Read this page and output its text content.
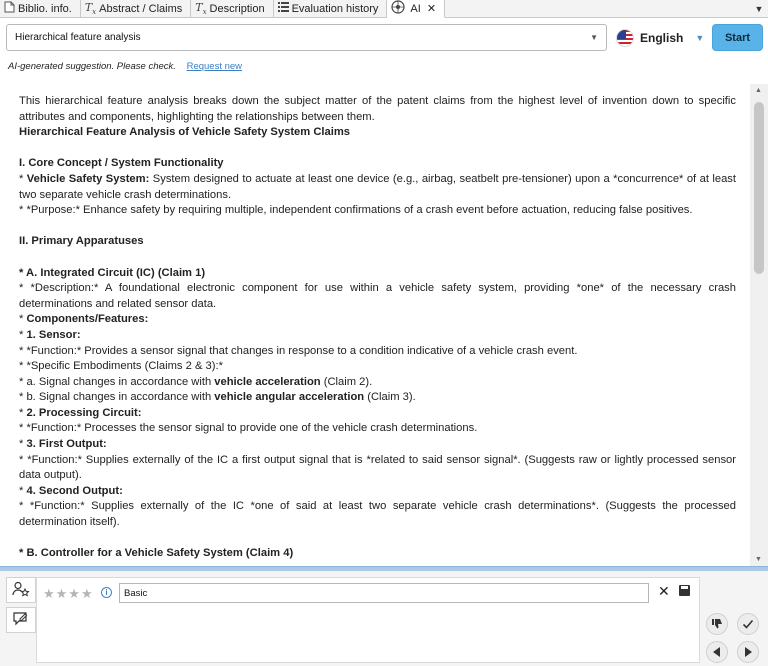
Biblio. info. $T_x$ Abstract / Claims $T_x$ Description Evaluation history	AI ✕	▼
Hierarchical feature analysis	▼	English ▼	Start
AI-generated suggestion. Please check. Request new

This hierarchical feature analysis breaks down the subject matter of the patent claims from the highest level of invention down to specific attributes and components, highlighting the relationships between them.

Hierarchical Feature Analysis of Vehicle Safety System Claims

I. Core Concept / System Functionality

* Vehicle Safety System: System designed to actuate at least one device (e.g., airbag, seatbelt pre-tensioner) upon a *concurrence* of at least two separate vehicle crash determinations.

* *Purpose:* Enhance safety by requiring multiple, independent confirmations of a crash event before actuation, reducing false positives.

II. Primary Apparatuses

* A. Integrated Circuit (IC) (Claim 1)

* *Description:* A foundational electronic component for use within a vehicle safety system, providing *one* of the necessary crash determinations and related sensor data.

* Components/Features:

* 1. Sensor:

* *Function:* Provides a sensor signal that changes in response to a condition indicative of a vehicle crash event.

* *Specific Embodiments (Claims 2 & 3):*

* a. Signal changes in accordance with vehicle acceleration (Claim 2).

* b. Signal changes in accordance with vehicle angular acceleration (Claim 3).

* 2. Processing Circuit:

* *Function:* Processes the sensor signal to provide one of the vehicle crash determinations.

* 3. First Output:

* *Function:* Supplies externally of the IC a first output signal that is *related to said sensor signal*. (Suggests raw or lightly processed sensor data output).

* 4. Second Output:

* *Function:* Supplies externally of the IC *one of said at least two separate vehicle crash determinations*. (Suggests the processed determination itself).

* B. Controller for a Vehicle Safety System (Claim 4)

▲
▼
★★★★	i	Basic	✕
